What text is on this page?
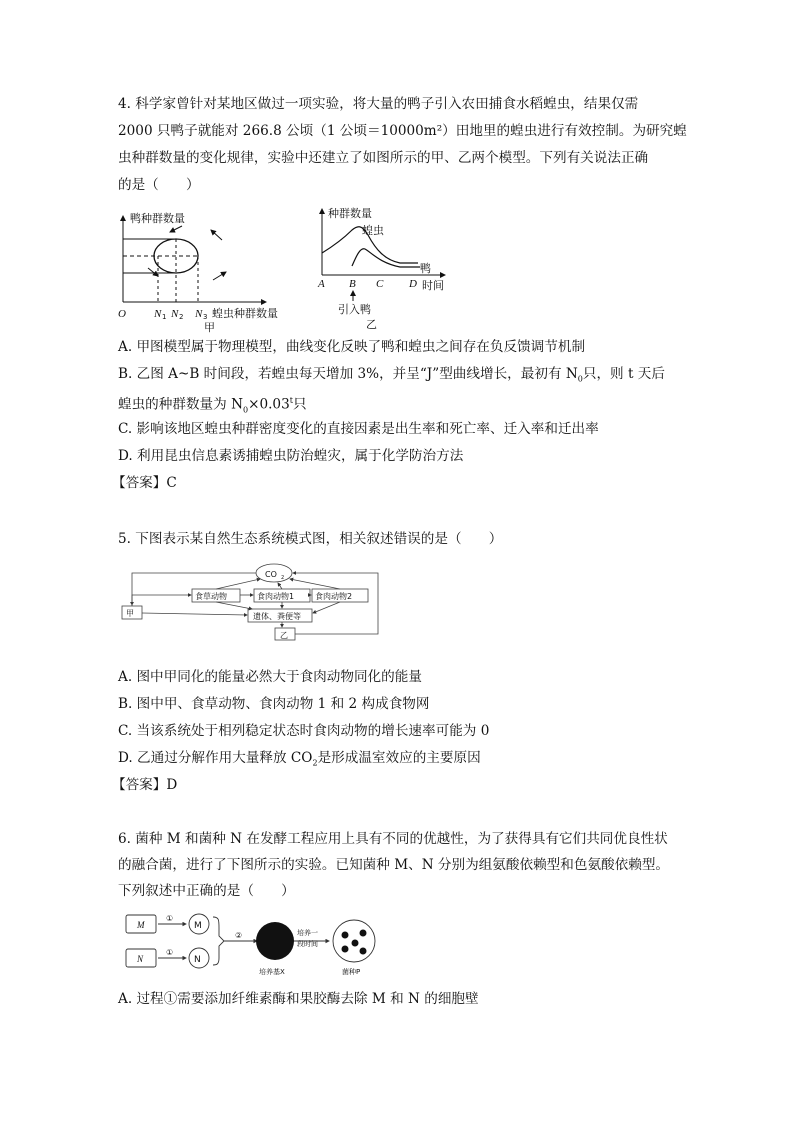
4. 科学家曾针对某地区做过一项实验，将大量的鸭子引入农田捕食水稻蝗虫，结果仅需
2000 只鸭子就能对 266.8 公顷（1 公顷＝10000m²）田地里的蝗虫进行有效控制。为研究蝗
虫种群数量的变化规律，实验中还建立了如图所示的甲、乙两个模型。下列有关说法正确
的是（　　）
鸭种群数量
O	N 1 N 2 N 3 蝗虫种群数量
甲
种群数量
蝗虫
鸭
A B C D 时间
引入鸭
乙
A. 甲图模型属于物理模型，曲线变化反映了鸭和蝗虫之间存在负反馈调节机制
B. 乙图 A~B 时间段，若蝗虫每天增加 3%，并呈“J”型曲线增长，最初有 $N_0$只，则 t 天后
蝗虫的种群数量为 $N_0\times 0.03^t$只
C. 影响该地区蝗虫种群密度变化的直接因素是出生率和死亡率、迁入率和迁出率
D. 利用昆虫信息素诱捕蝗虫防治蝗灾，属于化学防治方法
【答案】C
5. 下图表示某自然生态系统模式图，相关叙述错误的是（　　）
CO 2
甲
食草动物	食肉动物1	食肉动物2
遗体、粪便等
乙
A. 图中甲同化的能量必然大于食肉动物同化的能量
B. 图中甲、食草动物、食肉动物 1 和 2 构成食物网
C. 当该系统处于相列稳定状态时食肉动物的增长速率可能为 0
D. 乙通过分解作用大量释放 $CO_2$是形成温室效应的主要原因
【答案】D
6. 菌种 M 和菌种 N 在发酵工程应用上具有不同的优越性，为了获得具有它们共同优良性状
的融合菌，进行了下图所示的实验。已知菌种 M、N 分别为组氨酸依赖型和色氨酸依赖型。
下列叙述中正确的是（　　）
M
N
M
N
①
①
②	培养一
段时间
培养基X	菌种P
A. 过程①需要添加纤维素酶和果胶酶去除 M 和 N 的细胞壁
